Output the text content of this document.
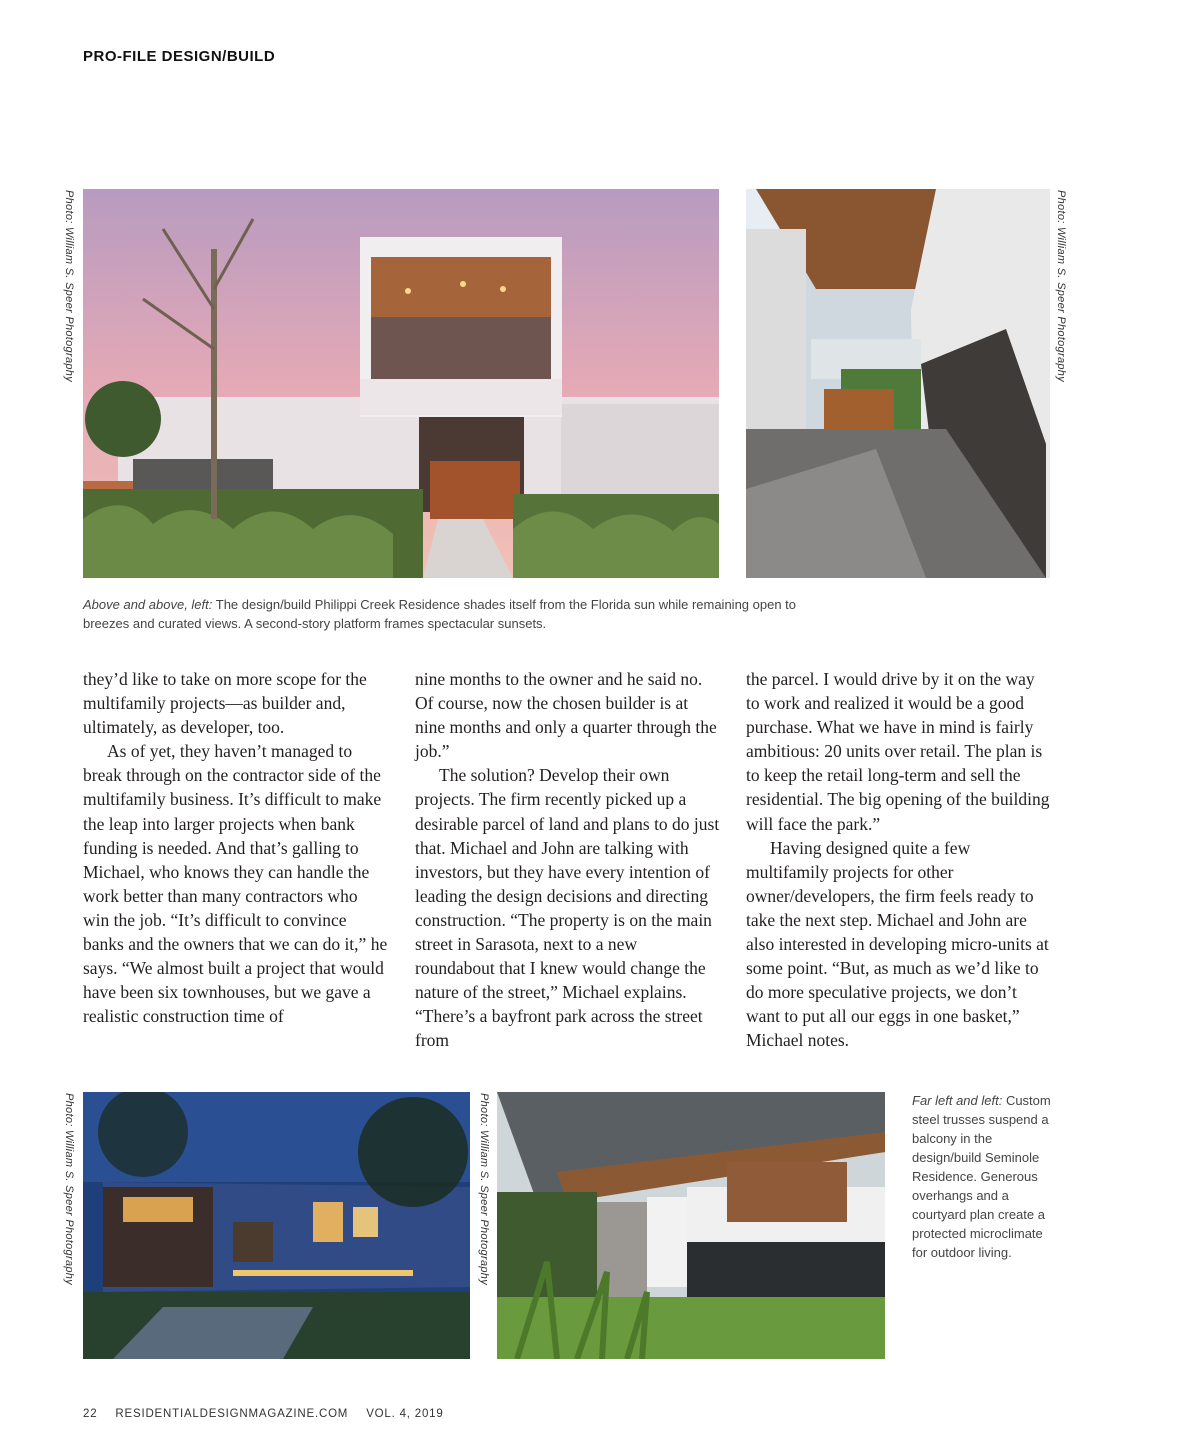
PRO-FILE DESIGN/BUILD
Photo: William S. Speer Photography	Photo: William S. Speer Photography
Photo: William S. Speer Photography	Photo: William S. Speer Photography
Above and above, left: The design/build Philippi Creek Residence shades itself from the Florida sun while remaining open to breezes and curated views. A second-story platform frames spectacular sunsets.

they’d like to take on more scope for the multifamily projects—as builder and, ultimately, as developer, too.

As of yet, they haven’t managed to break through on the contractor side of the multifamily business. It’s difficult to make the leap into larger projects when bank funding is needed. And that’s galling to Michael, who knows they can handle the work better than many contractors who win the job. “It’s difficult to convince banks and the owners that we can do it,” he says. “We almost built a project that would have been six townhouses, but we gave a realistic construction time of

nine months to the owner and he said no. Of course, now the chosen builder is at nine months and only a quarter through the job.”

The solution? Develop their own projects. The firm recently picked up a desirable parcel of land and plans to do just that. Michael and John are talking with investors, but they have every intention of leading the design decisions and directing construction. “The property is on the main street in Sarasota, next to a new roundabout that I knew would change the nature of the street,” Michael explains. “There’s a bayfront park across the street from

the parcel. I would drive by it on the way to work and realized it would be a good purchase. What we have in mind is fairly ambitious: 20 units over retail. The plan is to keep the retail long-term and sell the residential. The big opening of the building will face the park.”

Having designed quite a few multifamily projects for other owner/developers, the firm feels ready to take the next step. Michael and John are also interested in developing micro-units at some point. “But, as much as we’d like to do more speculative projects, we don’t want to put all our eggs in one basket,” Michael notes.

Far left and left: Custom steel trusses suspend a balcony in the design/build Seminole Residence. Generous overhangs and a courtyard plan create a protected microclimate for outdoor living.
22 RESIDENTIALDESIGNMAGAZINE.COM VOL. 4, 2019
